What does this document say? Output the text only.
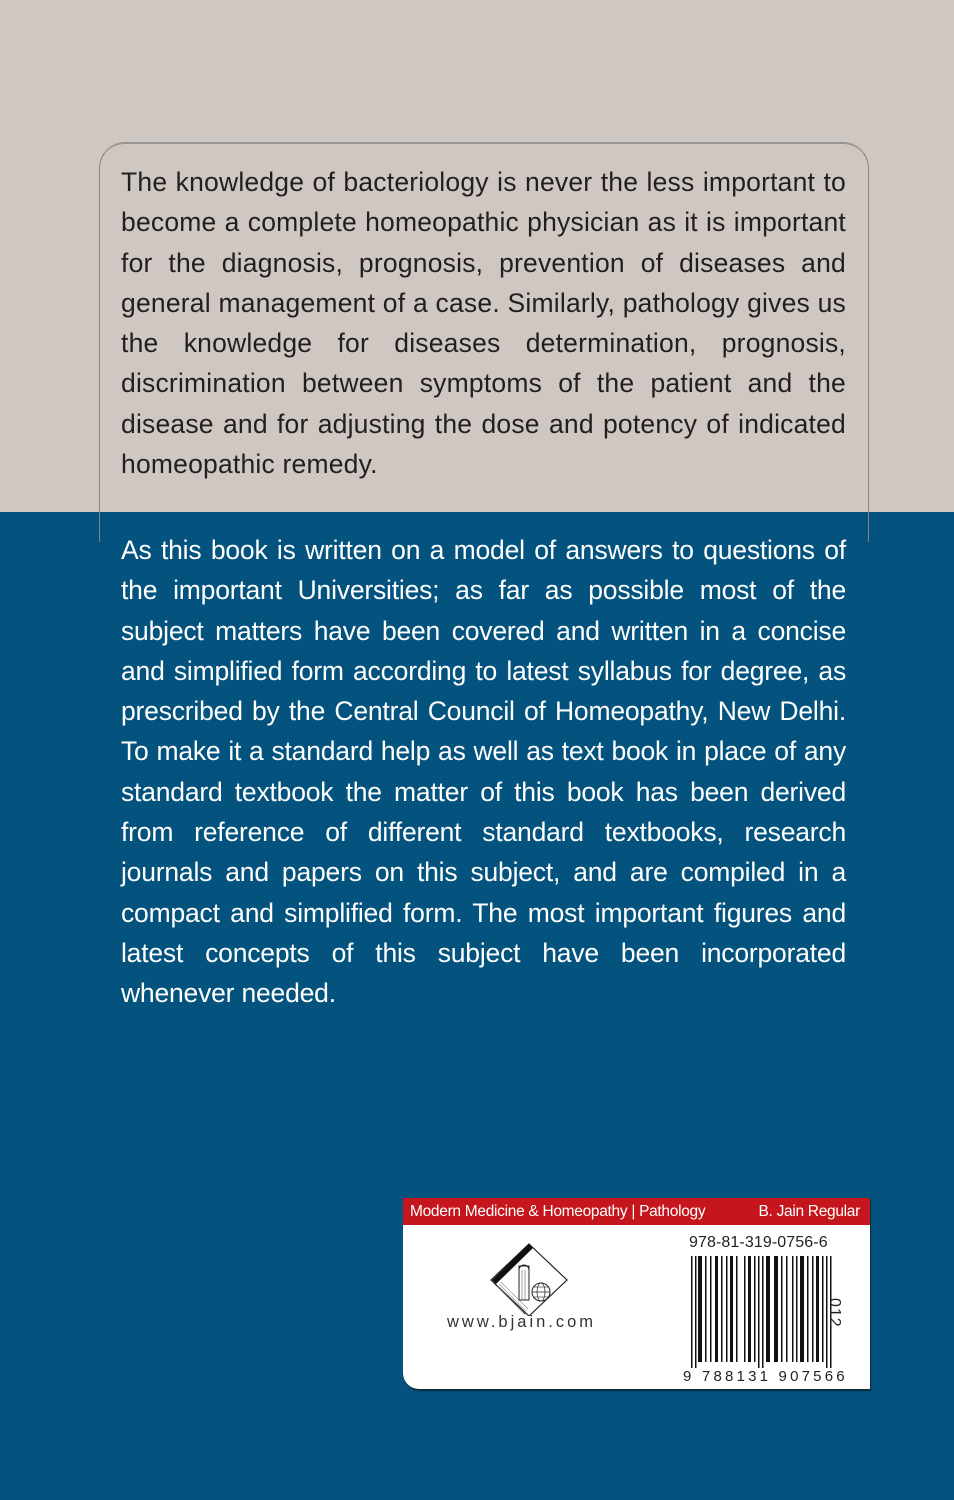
The knowledge of bacteriology is never the less important to become a complete homeopathic physician as it is important for the diagnosis, prognosis, prevention of diseases and general management of a case. Similarly, pathology gives us the knowledge for diseases determination, prognosis, discrimination between symptoms of the patient and the disease and for adjusting the dose and potency of indicated homeopathic remedy.

As this book is written on a model of answers to questions of the important Universities; as far as possible most of the subject matters have been covered and written in a concise and simplified form according to latest syllabus for degree, as prescribed by the Central Council of Homeopathy, New Delhi. To make it a standard help as well as text book in place of any standard textbook the matter of this book has been derived from reference of different standard textbooks, research journals and papers on this subject, and are compiled in a compact and simplified form. The most important figures and latest concepts of this subject have been incorporated whenever needed.

Modern Medicine & Homeopathy | Pathology	B. Jain Regular
www.bjain.com
978-81-319-0756-6
9 788131 907566
012
